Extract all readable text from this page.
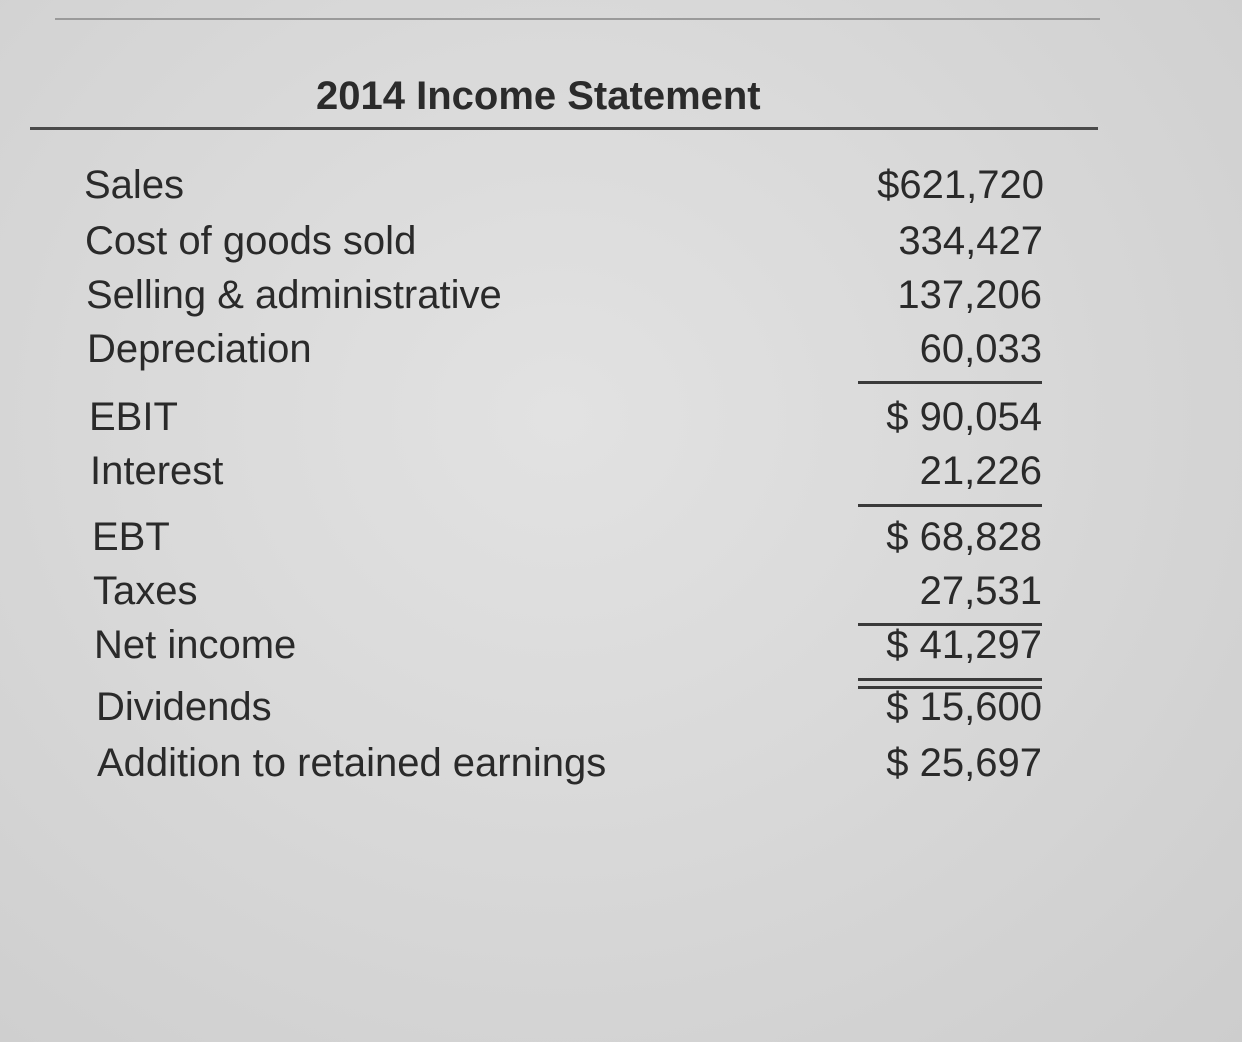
2014 Income Statement
Sales	$621,720
Cost of goods sold	334,427
Selling & administrative	137,206
Depreciation	60,033
EBIT	$ 90,054
Interest	21,226
EBT	$ 68,828
Taxes	27,531
Net income	$ 41,297
Dividends	$ 15,600
Addition to retained earnings	$ 25,697
